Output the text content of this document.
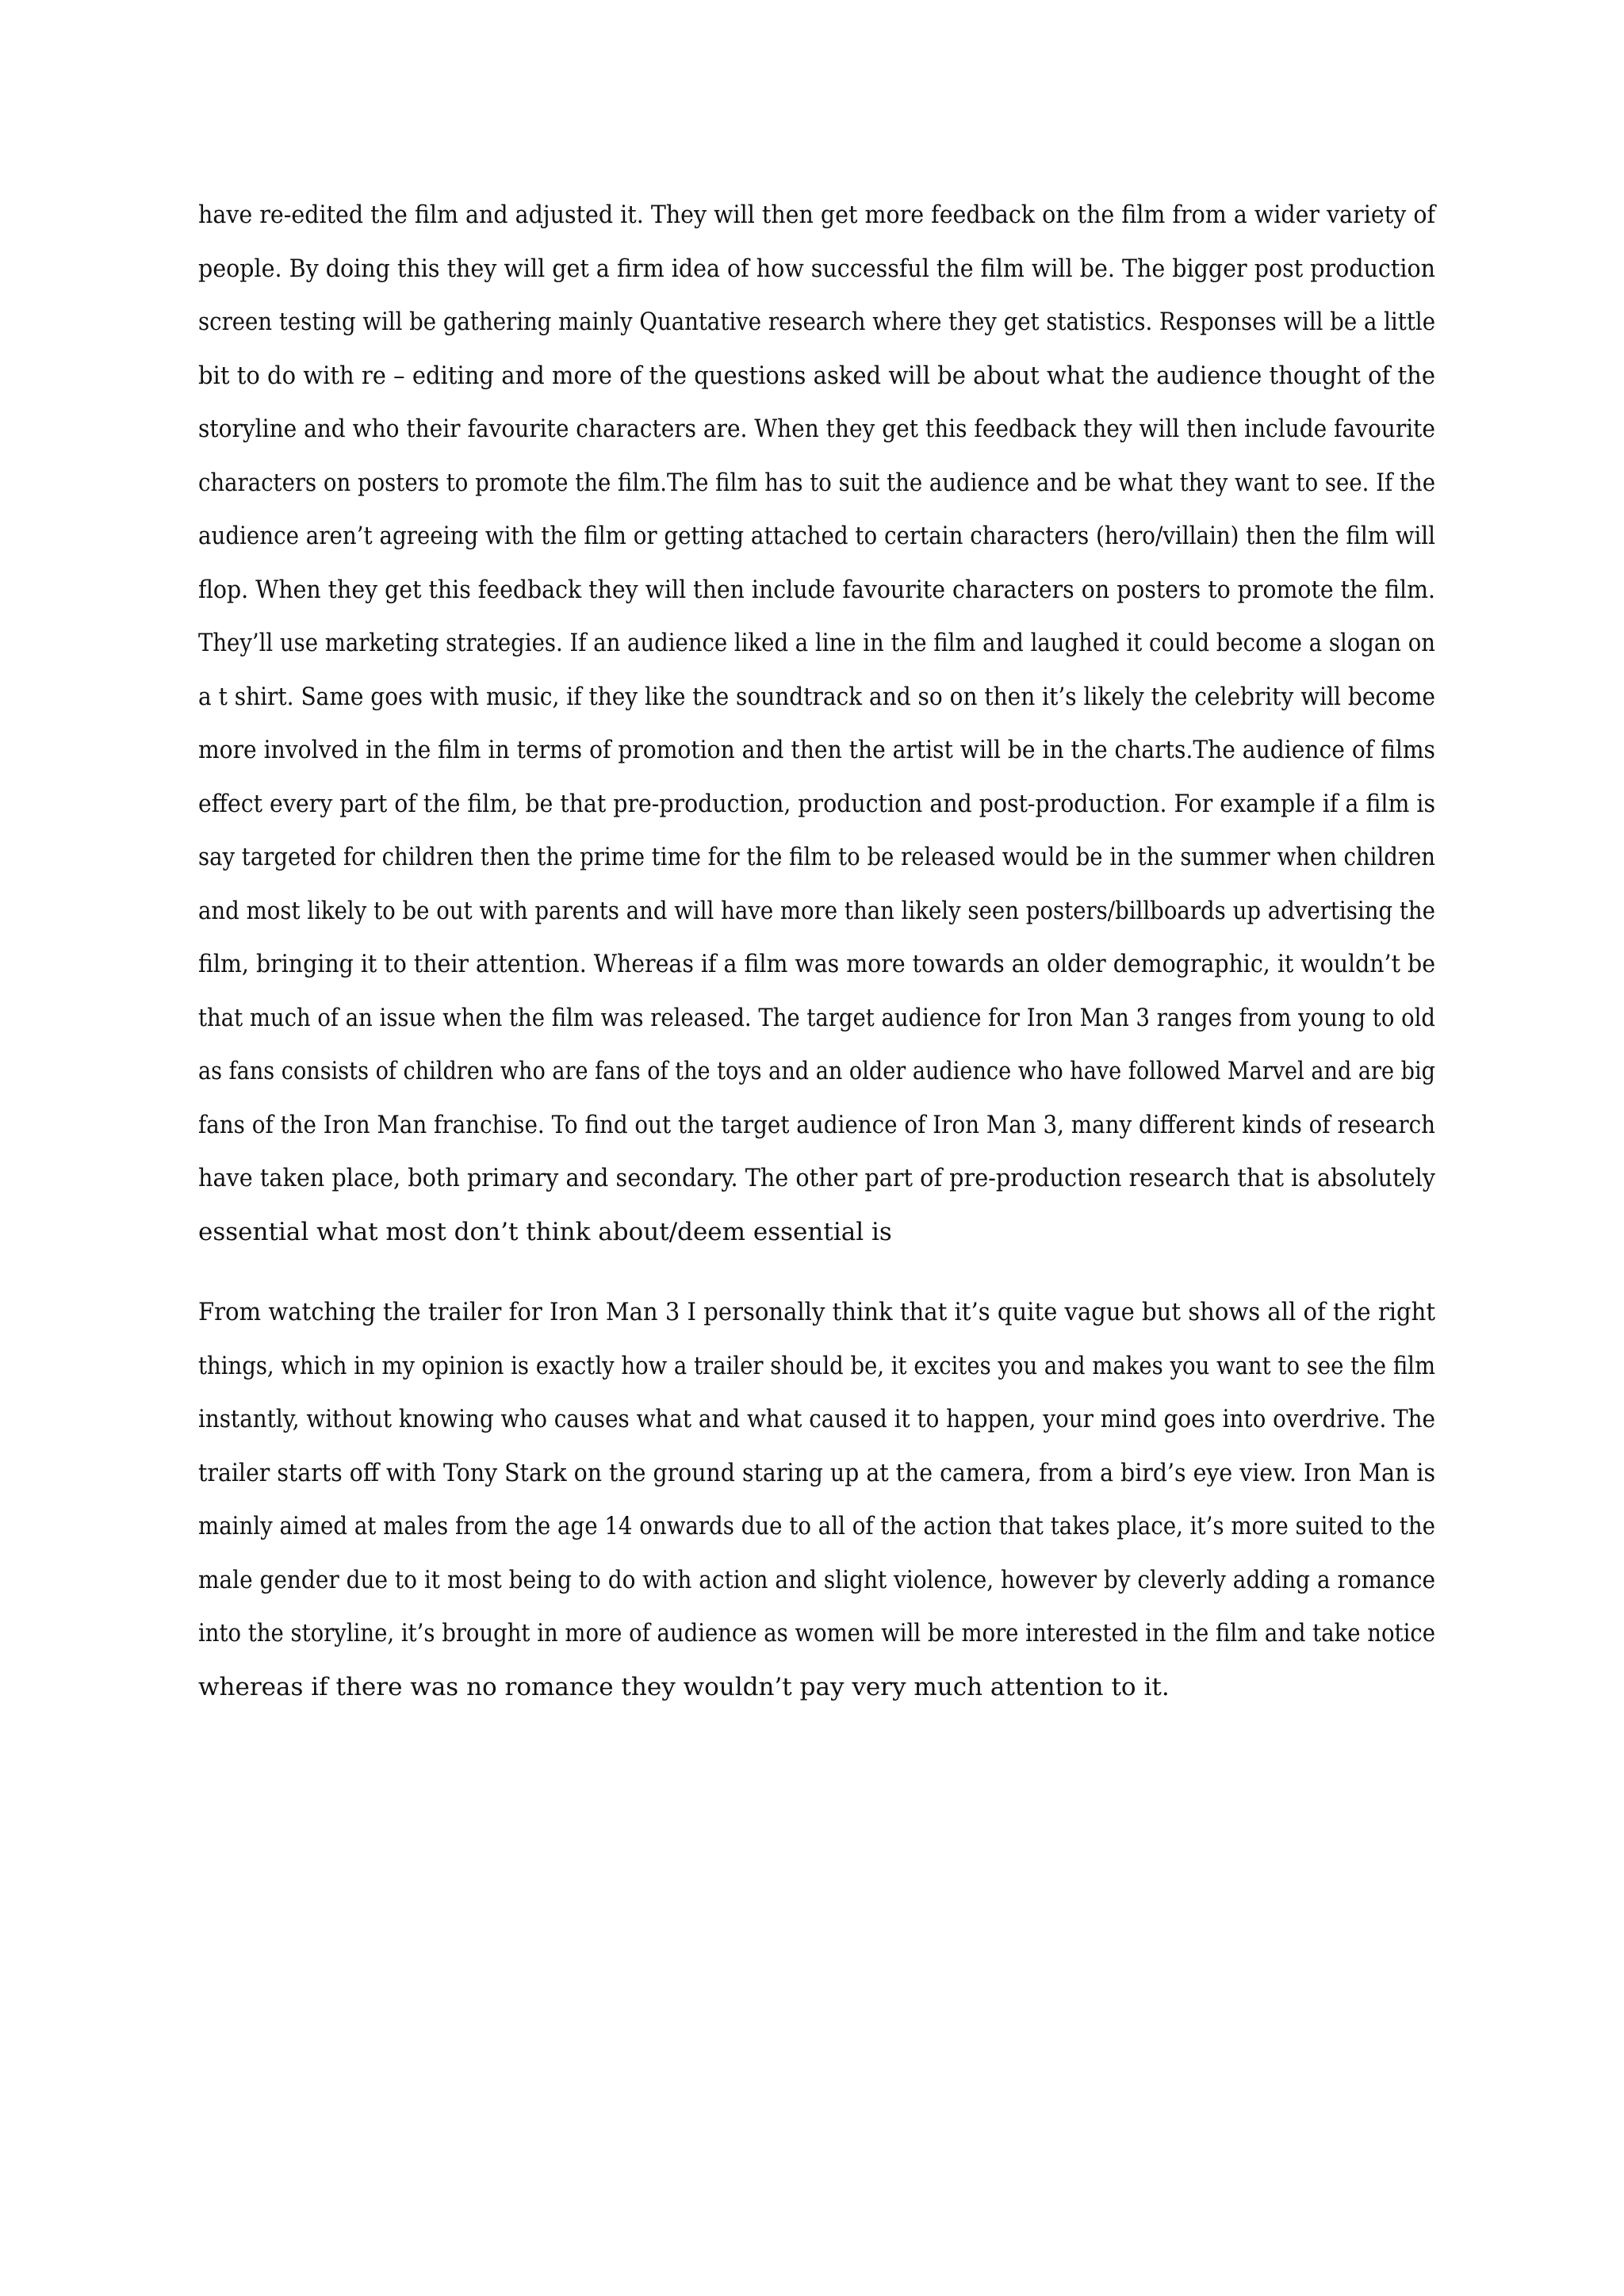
have re-edited the film and adjusted it. They will then get more feedback on the film from a wider variety of
people. By doing this they will get a firm idea of how successful the film will be. The bigger post production
screen testing will be gathering mainly Quantative research where they get statistics. Responses will be a little
bit to do with re – editing and more of the questions asked will be about what the audience thought of the
storyline and who their favourite characters are. When they get this feedback they will then include favourite
characters on posters to promote the film.The film has to suit the audience and be what they want to see. If the
audience aren’t agreeing with the film or getting attached to certain characters (hero/villain) then the film will
flop. When they get this feedback they will then include favourite characters on posters to promote the film.
They’ll use marketing strategies. If an audience liked a line in the film and laughed it could become a slogan on
a t shirt. Same goes with music, if they like the soundtrack and so on then it’s likely the celebrity will become
more involved in the film in terms of promotion and then the artist will be in the charts.The audience of films
effect every part of the film, be that pre-production, production and post-production. For example if a film is
say targeted for children then the prime time for the film to be released would be in the summer when children
and most likely to be out with parents and will have more than likely seen posters/billboards up advertising the
film, bringing it to their attention. Whereas if a film was more towards an older demographic, it wouldn’t be
that much of an issue when the film was released. The target audience for Iron Man 3 ranges from young to old
as fans consists of children who are fans of the toys and an older audience who have followed Marvel and are big
fans of the Iron Man franchise. To find out the target audience of Iron Man 3, many different kinds of research
have taken place, both primary and secondary. The other part of pre-production research that is absolutely
essential what most don’t think about/deem essential is

From watching the trailer for Iron Man 3 I personally think that it’s quite vague but shows all of the right
things, which in my opinion is exactly how a trailer should be, it excites you and makes you want to see the film
instantly, without knowing who causes what and what caused it to happen, your mind goes into overdrive. The
trailer starts off with Tony Stark on the ground staring up at the camera, from a bird’s eye view. Iron Man is
mainly aimed at males from the age 14 onwards due to all of the action that takes place, it’s more suited to the
male gender due to it most being to do with action and slight violence, however by cleverly adding a romance
into the storyline, it’s brought in more of audience as women will be more interested in the film and take notice
whereas if there was no romance they wouldn’t pay very much attention to it.
